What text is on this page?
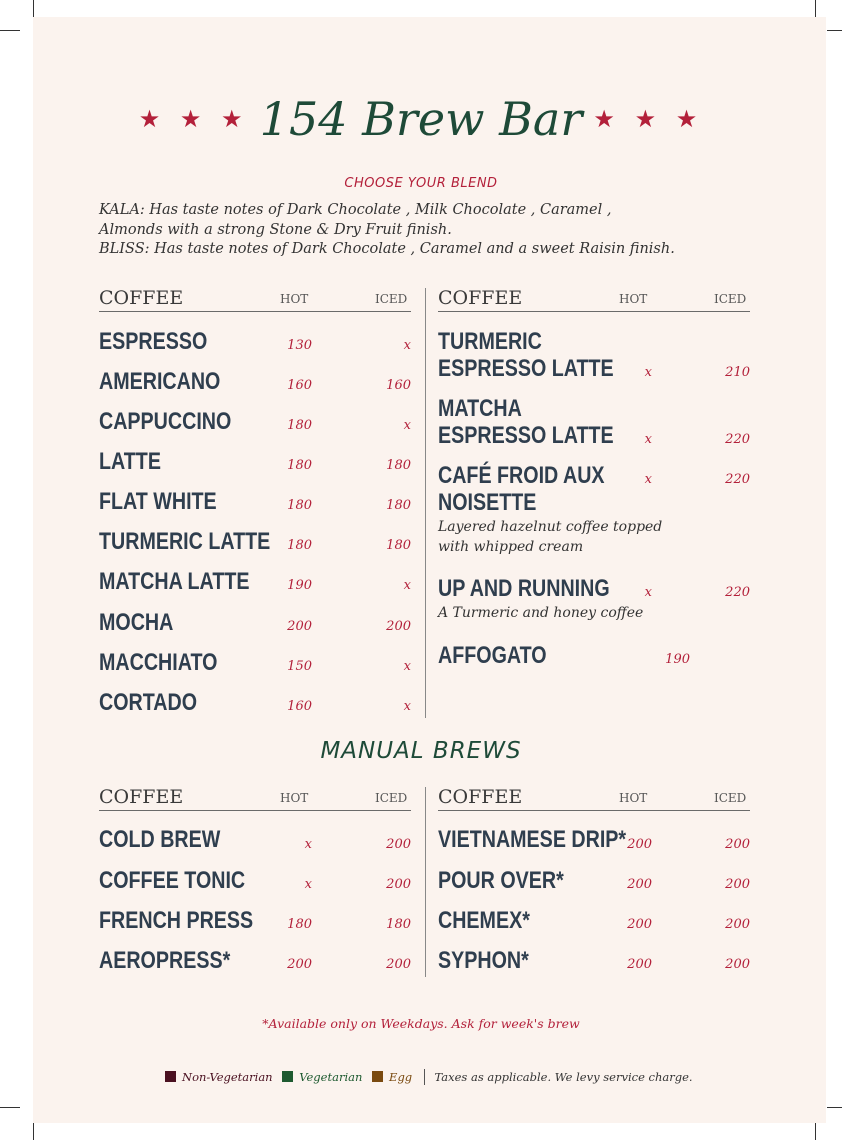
★ ★ ★ 154 Brew Bar ★ ★ ★
CHOOSE YOUR BLEND
KALA: Has taste notes of Dark Chocolate , Milk Chocolate , Caramel ,
Almonds with a strong Stone & Dry Fruit finish.
BLISS: Has taste notes of Dark Chocolate , Caramel and a sweet Raisin finish.
COFFEE	HOT	ICED COFFEE	HOT	ICED
ESPRESSO	130	x
AMERICANO	160	160
CAPPUCCINO	180	x
LATTE	180	180
FLAT WHITE	180	180
TURMERIC LATTE	180	180
MATCHA LATTE	190	x
MOCHA	200	200
MACCHIATO	150	x
CORTADO	160	x
TURMERIC
ESPRESSO LATTE	x	210
MATCHA
ESPRESSO LATTE	x	220
CAFÉ FROID AUX	x	220
NOISETTE
Layered hazelnut coffee topped
with whipped cream
UP AND RUNNING	x	220
A Turmeric and honey coffee
AFFOGATO	190
MANUAL BREWS
COFFEE	HOT	ICED COFFEE	HOT	ICED
COLD BREW	x	200
COFFEE TONIC	x	200
FRENCH PRESS	180	180
AEROPRESS*	200	200
VIETNAMESE DRIP* 200	200
POUR OVER*	200	200
CHEMEX*	200	200
SYPHON*	200	200
*Available only on Weekdays. Ask for week's brew
Non-Vegetarian Vegetarian Egg Taxes as applicable. We levy service charge.
